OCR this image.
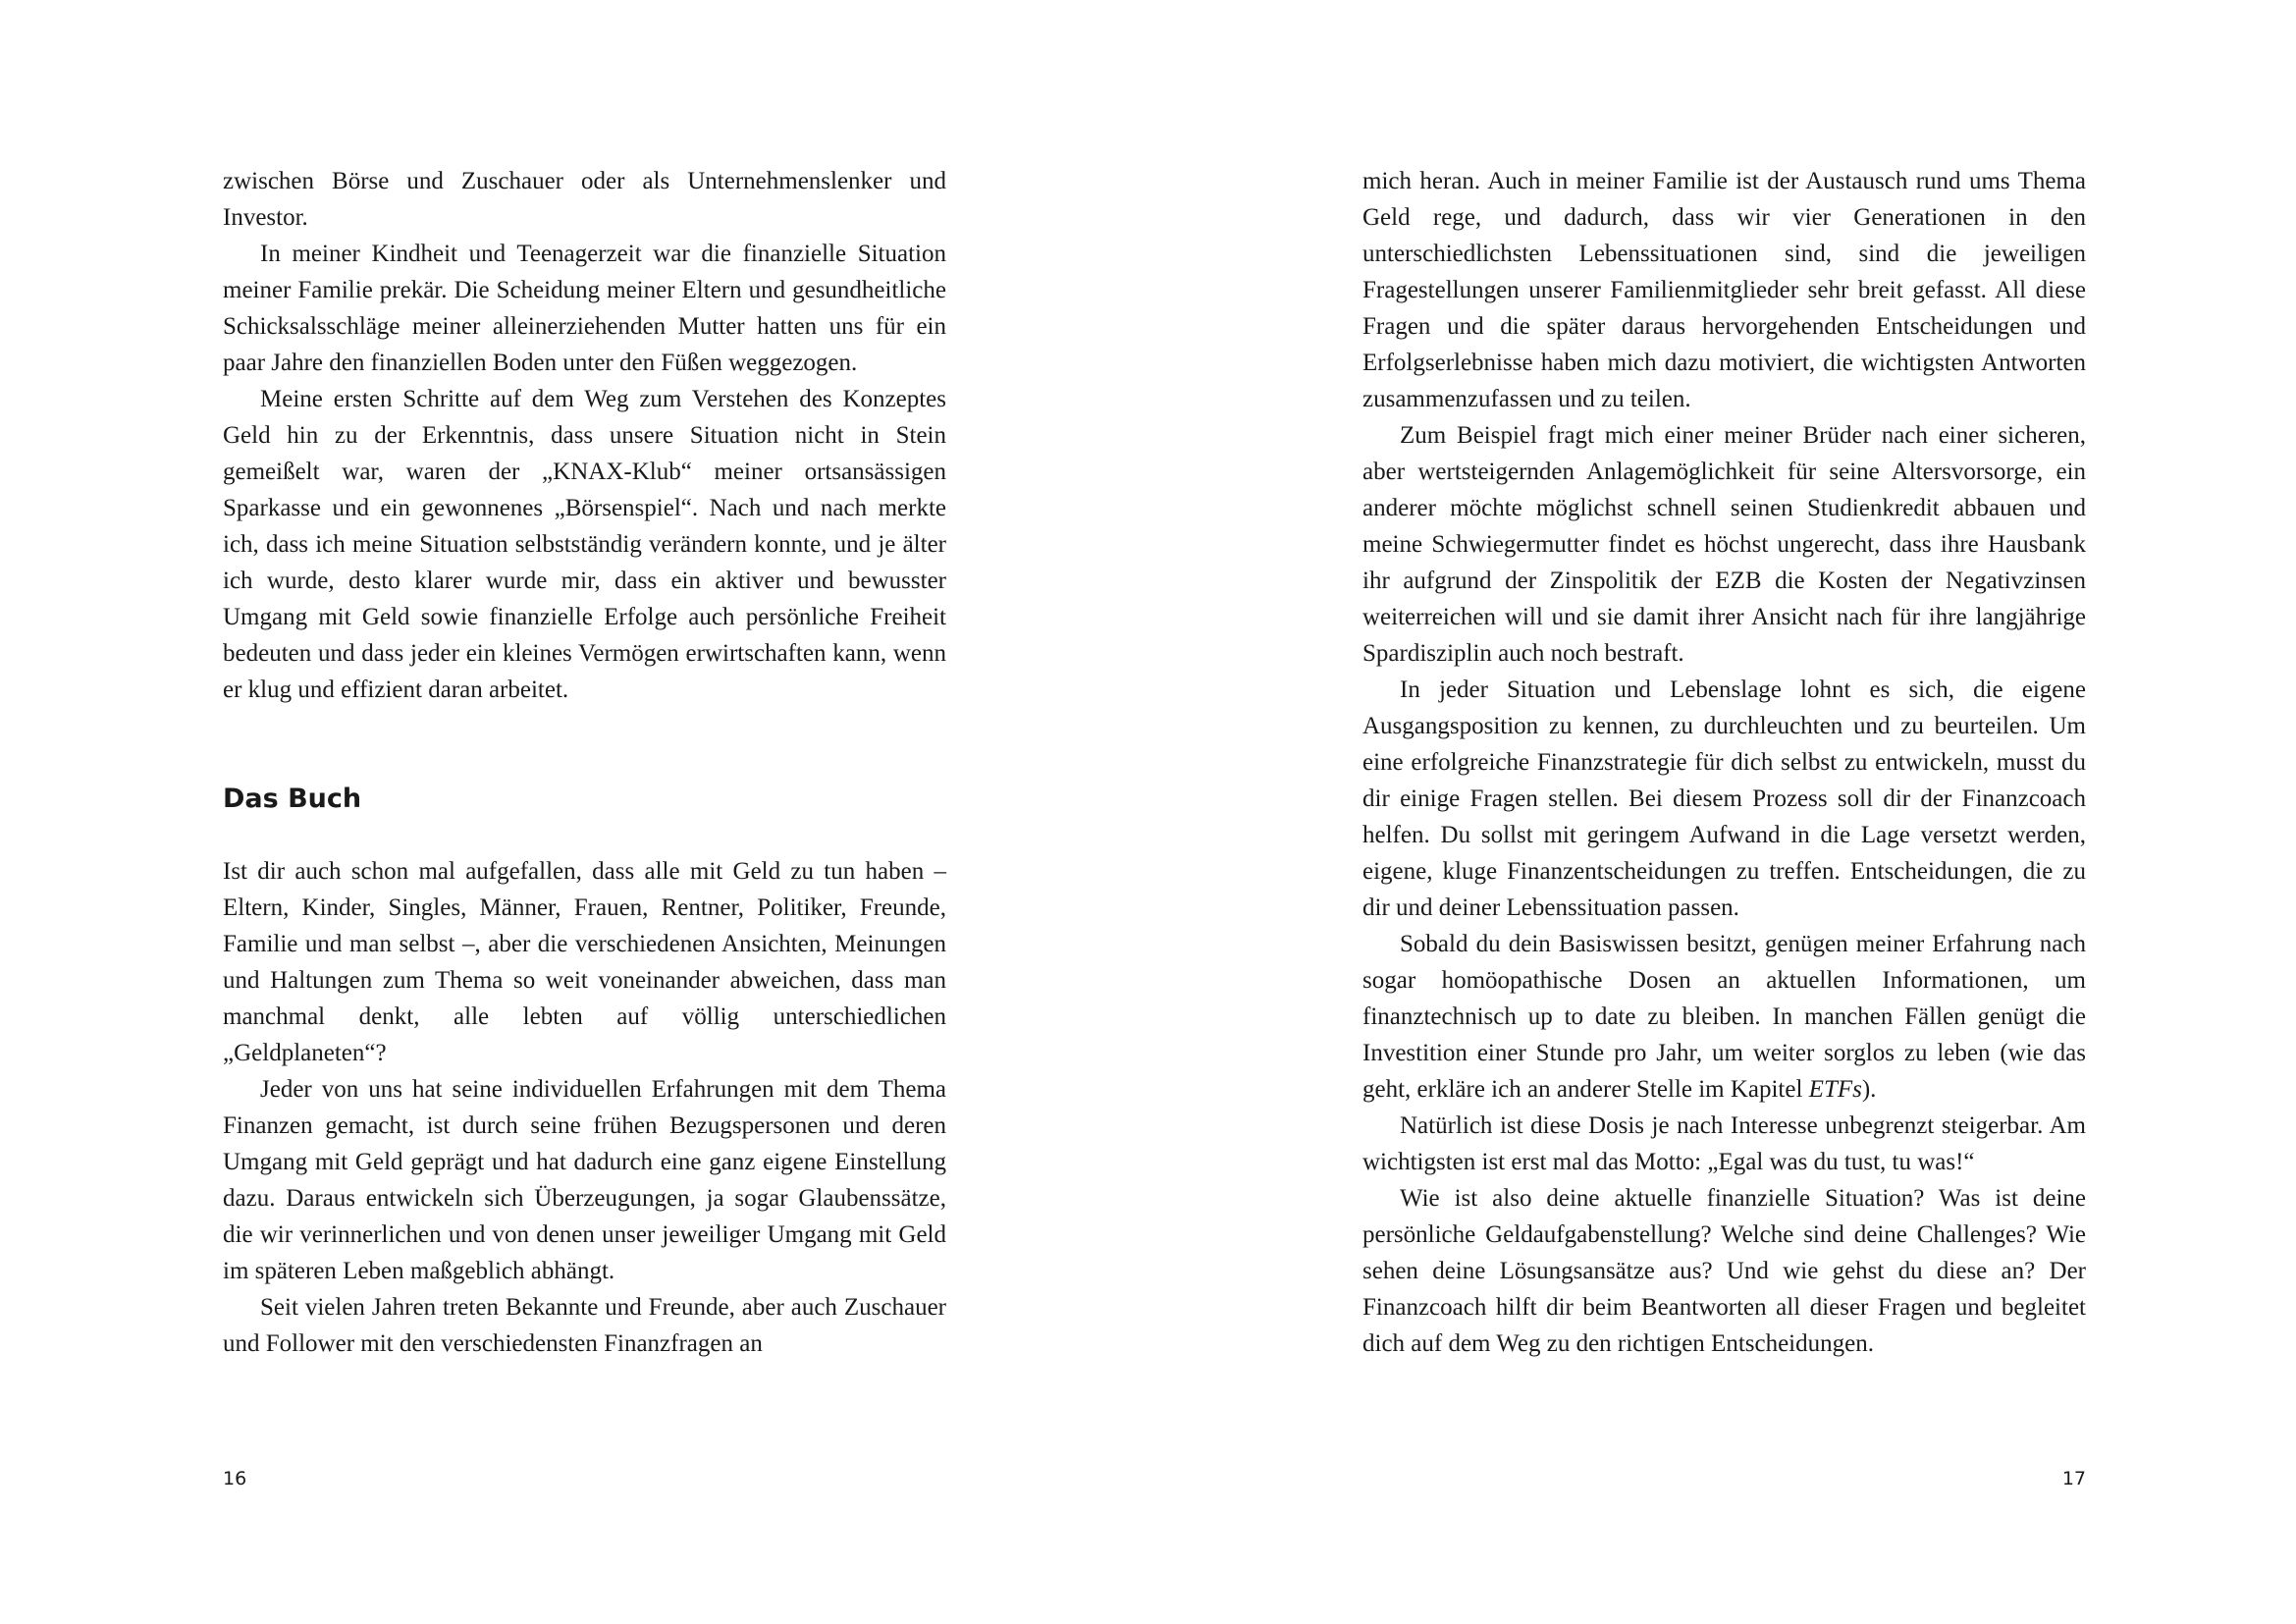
zwischen Börse und Zuschauer oder als Unternehmenslenker und Investor.

In meiner Kindheit und Teenagerzeit war die finanzielle Situation meiner Familie prekär. Die Scheidung meiner Eltern und gesundheitliche Schicksalsschläge meiner alleinerziehenden Mutter hatten uns für ein paar Jahre den finanziellen Boden unter den Füßen weggezogen.

Meine ersten Schritte auf dem Weg zum Verstehen des Konzeptes Geld hin zu der Erkenntnis, dass unsere Situation nicht in Stein gemeißelt war, waren der „KNAX-Klub“ meiner ortsansässigen Sparkasse und ein gewonnenes „Börsenspiel“. Nach und nach merkte ich, dass ich meine Situation selbstständig verändern konnte, und je älter ich wurde, desto klarer wurde mir, dass ein aktiver und bewusster Umgang mit Geld sowie finanzielle Erfolge auch persönliche Freiheit bedeuten und dass jeder ein kleines Vermögen erwirtschaften kann, wenn er klug und effizient daran arbeitet.

Das Buch

Ist dir auch schon mal aufgefallen, dass alle mit Geld zu tun haben – Eltern, Kinder, Singles, Männer, Frauen, Rentner, Politiker, Freunde, Familie und man selbst –, aber die verschiedenen Ansichten, Meinungen und Haltungen zum Thema so weit voneinander abweichen, dass man manchmal denkt, alle lebten auf völlig unterschiedlichen „Geldplaneten“?

Jeder von uns hat seine individuellen Erfahrungen mit dem Thema Finanzen gemacht, ist durch seine frühen Bezugspersonen und deren Umgang mit Geld geprägt und hat dadurch eine ganz eigene Einstellung dazu. Daraus entwickeln sich Überzeugungen, ja sogar Glaubenssätze, die wir verinnerlichen und von denen unser jeweiliger Umgang mit Geld im späteren Leben maßgeblich abhängt.

Seit vielen Jahren treten Bekannte und Freunde, aber auch Zuschauer und Follower mit den verschiedensten Finanzfragen an

16

mich heran. Auch in meiner Familie ist der Austausch rund ums Thema Geld rege, und dadurch, dass wir vier Generationen in den unterschiedlichsten Lebenssituationen sind, sind die jeweiligen Fragestellungen unserer Familienmitglieder sehr breit gefasst. All diese Fragen und die später daraus hervorgehenden Entscheidungen und Erfolgserlebnisse haben mich dazu motiviert, die wichtigsten Antworten zusammenzufassen und zu teilen.

Zum Beispiel fragt mich einer meiner Brüder nach einer sicheren, aber wertsteigernden Anlagemöglichkeit für seine Altersvorsorge, ein anderer möchte möglichst schnell seinen Studienkredit abbauen und meine Schwiegermutter findet es höchst ungerecht, dass ihre Hausbank ihr aufgrund der Zinspolitik der EZB die Kosten der Negativzinsen weiterreichen will und sie damit ihrer Ansicht nach für ihre langjährige Spardisziplin auch noch bestraft.

In jeder Situation und Lebenslage lohnt es sich, die eigene Ausgangsposition zu kennen, zu durchleuchten und zu beurteilen. Um eine erfolgreiche Finanzstrategie für dich selbst zu entwickeln, musst du dir einige Fragen stellen. Bei diesem Prozess soll dir der Finanzcoach helfen. Du sollst mit geringem Aufwand in die Lage versetzt werden, eigene, kluge Finanzentscheidungen zu treffen. Entscheidungen, die zu dir und deiner Lebenssituation passen.

Sobald du dein Basiswissen besitzt, genügen meiner Erfahrung nach sogar homöopathische Dosen an aktuellen Informationen, um finanztechnisch up to date zu bleiben. In manchen Fällen genügt die Investition einer Stunde pro Jahr, um weiter sorglos zu leben (wie das geht, erkläre ich an anderer Stelle im Kapitel ETFs).

Natürlich ist diese Dosis je nach Interesse unbegrenzt steigerbar. Am wichtigsten ist erst mal das Motto: „Egal was du tust, tu was!“

Wie ist also deine aktuelle finanzielle Situation? Was ist deine persönliche Geldaufgabenstellung? Welche sind deine Challenges? Wie sehen deine Lösungsansätze aus? Und wie gehst du diese an? Der Finanzcoach hilft dir beim Beantworten all dieser Fragen und begleitet dich auf dem Weg zu den richtigen Entscheidungen.

17
